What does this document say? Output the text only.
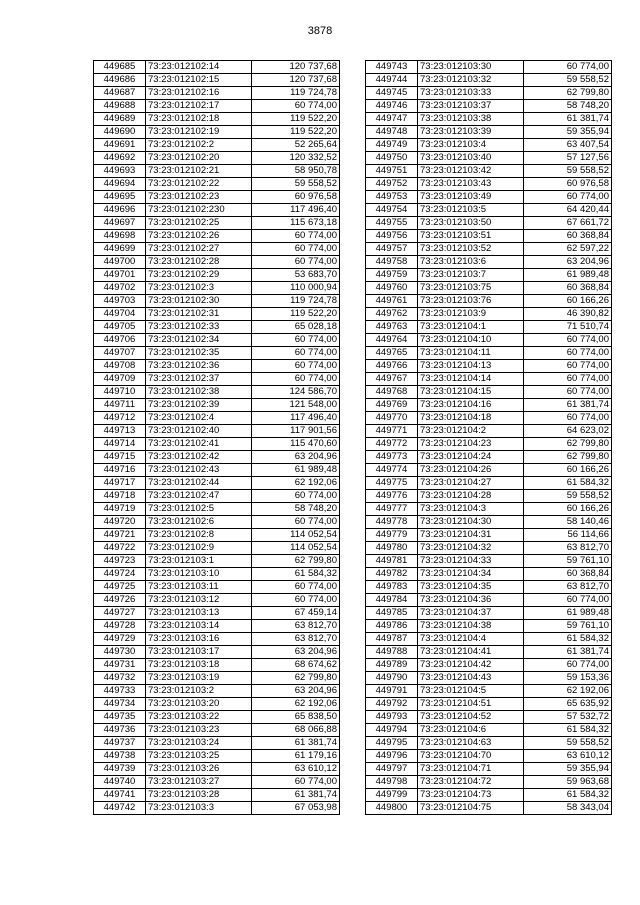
3878
449685	73:23:012102:14	120 737,68
449686	73:23:012102:15	120 737,68
449687	73:23:012102:16	119 724,78
449688	73:23:012102:17	60 774,00
449689	73:23:012102:18	119 522,20
449690	73:23:012102:19	119 522,20
449691	73:23:012102:2	52 265,64
449692	73:23:012102:20	120 332,52
449693	73:23:012102:21	58 950,78
449694	73:23:012102:22	59 558,52
449695	73:23:012102:23	60 976,58
449696	73:23:012102:230	117 496,40
449697	73:23:012102:25	115 673,18
449698	73:23:012102:26	60 774,00
449699	73:23:012102:27	60 774,00
449700	73:23:012102:28	60 774,00
449701	73:23:012102:29	53 683,70
449702	73:23:012102:3	110 000,94
449703	73:23:012102:30	119 724,78
449704	73:23:012102:31	119 522,20
449705	73:23:012102:33	65 028,18
449706	73:23:012102:34	60 774,00
449707	73:23:012102:35	60 774,00
449708	73:23:012102:36	60 774,00
449709	73:23:012102:37	60 774,00
449710	73:23:012102:38	124 586,70
449711	73:23:012102:39	121 548,00
449712	73:23:012102:4	117 496,40
449713	73:23:012102:40	117 901,56
449714	73:23:012102:41	115 470,60
449715	73:23:012102:42	63 204,96
449716	73:23:012102:43	61 989,48
449717	73:23:012102:44	62 192,06
449718	73:23:012102:47	60 774,00
449719	73:23:012102:5	58 748,20
449720	73:23:012102:6	60 774,00
449721	73:23:012102:8	114 052,54
449722	73:23:012102:9	114 052,54
449723	73:23:012103:1	62 799,80
449724	73:23:012103:10	61 584,32
449725	73:23:012103:11	60 774,00
449726	73:23:012103:12	60 774,00
449727	73:23:012103:13	67 459,14
449728	73:23:012103:14	63 812,70
449729	73:23:012103:16	63 812,70
449730	73:23:012103:17	63 204,96
449731	73:23:012103:18	68 674,62
449732	73:23:012103:19	62 799,80
449733	73:23:012103:2	63 204,96
449734	73:23:012103:20	62 192,06
449735	73:23:012103:22	65 838,50
449736	73:23:012103:23	68 066,88
449737	73:23:012103:24	61 381,74
449738	73:23:012103:25	61 179,16
449739	73:23:012103:26	63 610,12
449740	73:23:012103:27	60 774,00
449741	73:23:012103:28	61 381,74
449742	73:23:012103:3	67 053,98
449743	73:23:012103:30	60 774,00
449744	73:23:012103:32	59 558,52
449745	73:23:012103:33	62 799,80
449746	73:23:012103:37	58 748,20
449747	73:23:012103:38	61 381,74
449748	73:23:012103:39	59 355,94
449749	73:23:012103:4	63 407,54
449750	73:23:012103:40	57 127,56
449751	73:23:012103:42	59 558,52
449752	73:23:012103:43	60 976,58
449753	73:23:012103:49	60 774,00
449754	73:23:012103:5	64 420,44
449755	73:23:012103:50	67 661,72
449756	73:23:012103:51	60 368,84
449757	73:23:012103:52	62 597,22
449758	73:23:012103:6	63 204,96
449759	73:23:012103:7	61 989,48
449760	73:23:012103:75	60 368,84
449761	73:23:012103:76	60 166,26
449762	73:23:012103:9	46 390,82
449763	73:23:012104:1	71 510,74
449764	73:23:012104:10	60 774,00
449765	73:23:012104:11	60 774,00
449766	73:23:012104:13	60 774,00
449767	73:23:012104:14	60 774,00
449768	73:23:012104:15	60 774,00
449769	73:23:012104:16	61 381,74
449770	73:23:012104:18	60 774,00
449771	73:23:012104:2	64 623,02
449772	73:23:012104:23	62 799,80
449773	73:23:012104:24	62 799,80
449774	73:23:012104:26	60 166,26
449775	73:23:012104:27	61 584,32
449776	73:23:012104:28	59 558,52
449777	73:23:012104:3	60 166,26
449778	73:23:012104:30	58 140,46
449779	73:23:012104:31	56 114,66
449780	73:23:012104:32	63 812,70
449781	73:23:012104:33	59 761,10
449782	73:23:012104:34	60 368,84
449783	73:23:012104:35	63 812,70
449784	73:23:012104:36	60 774,00
449785	73:23:012104:37	61 989,48
449786	73:23:012104:38	59 761,10
449787	73:23:012104:4	61 584,32
449788	73:23:012104:41	61 381,74
449789	73:23:012104:42	60 774,00
449790	73:23:012104:43	59 153,36
449791	73:23:012104:5	62 192,06
449792	73:23:012104:51	65 635,92
449793	73:23:012104:52	57 532,72
449794	73:23:012104:6	61 584,32
449795	73:23:012104:63	59 558,52
449796	73:23:012104:70	63 610,12
449797	73:23:012104:71	59 355,94
449798	73:23:012104:72	59 963,68
449799	73:23:012104:73	61 584,32
449800	73:23:012104:75	58 343,04
